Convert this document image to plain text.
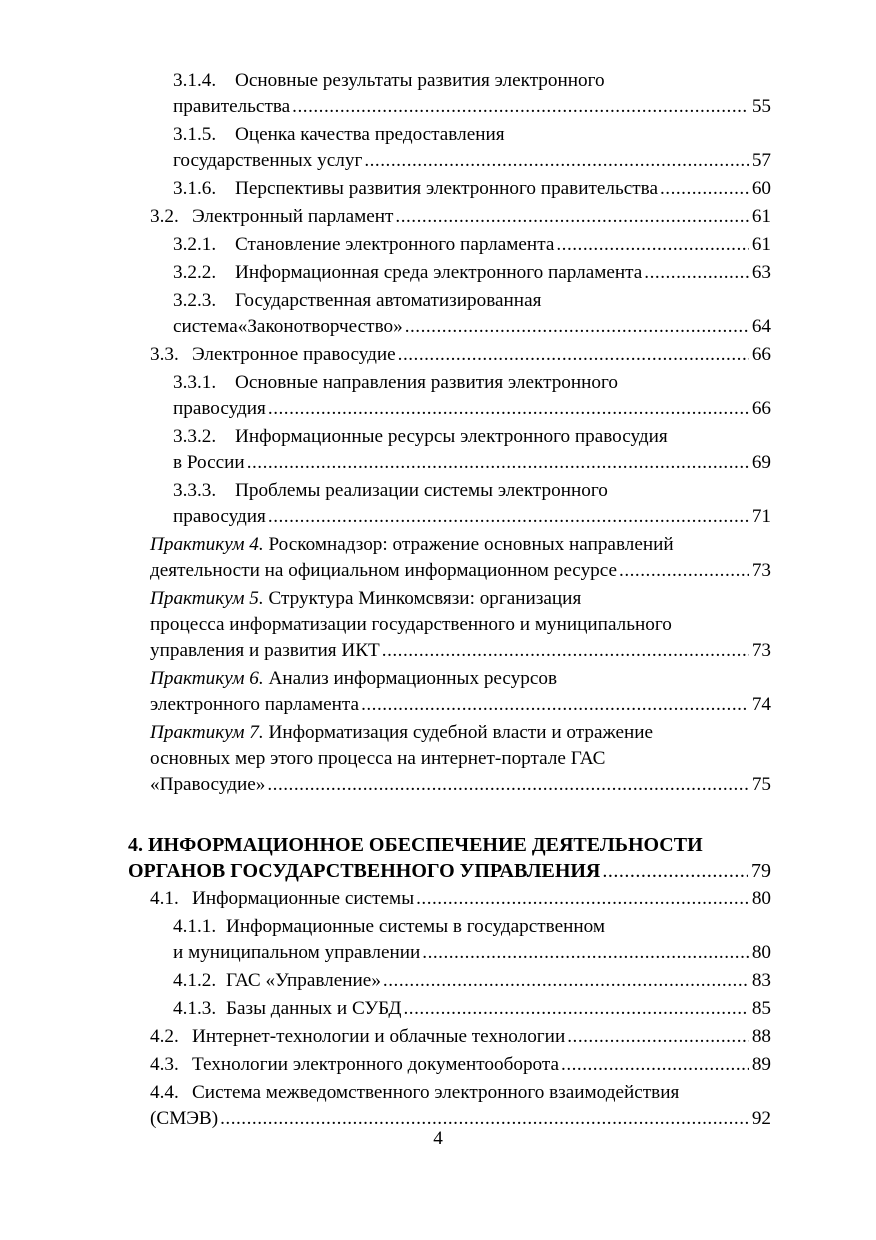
3.1.4. Основные результаты развития электронного
правительства .....	55
3.1.5. Оценка качества предоставления
государственных услуг .....	57
3.1.6. Перспективы развития электронного правительства .....	60
3.2. Электронный парламент .....	61
3.2.1. Становление электронного парламента .....	61
3.2.2. Информационная среда электронного парламента .....	63
3.2.3. Государственная автоматизированная
система«Законотворчество» .....	64
3.3. Электронное правосудие .....	66
3.3.1. Основные направления развития электронного
правосудия .....	66
3.3.2. Информационные ресурсы электронного правосудия
в России .....	69
3.3.3. Проблемы реализации системы электронного
правосудия .....	71
Практикум 4. Роскомнадзор: отражение основных направлений
деятельности на официальном информационном ресурсе .....	73
Практикум 5. Структура Минкомсвязи: организация
процесса информатизации государственного и муниципального
управления и развития ИКТ .....	73
Практикум 6. Анализ информационных ресурсов
электронного парламента .....	74
Практикум 7. Информатизация судебной власти и отражение
основных мер этого процесса на интернет-портале ГАС
«Правосудие» .....	75
4. ИНФОРМАЦИОННОЕ ОБЕСПЕЧЕНИЕ ДЕЯТЕЛЬНОСТИ
ОРГАНОВ ГОСУДАРСТВЕННОГО УПРАВЛЕНИЯ .....	79
4.1. Информационные системы .....	80
4.1.1. Информационные системы в государственном
и муниципальном управлении .....	80
4.1.2. ГАС «Управление» .....	83
4.1.3. Базы данных и СУБД .....	85
4.2. Интернет-технологии и облачные технологии .....	88
4.3. Технологии электронного документооборота .....	89
4.4. Система межведомственного электронного взаимодействия
(СМЭВ) .....	92
4
